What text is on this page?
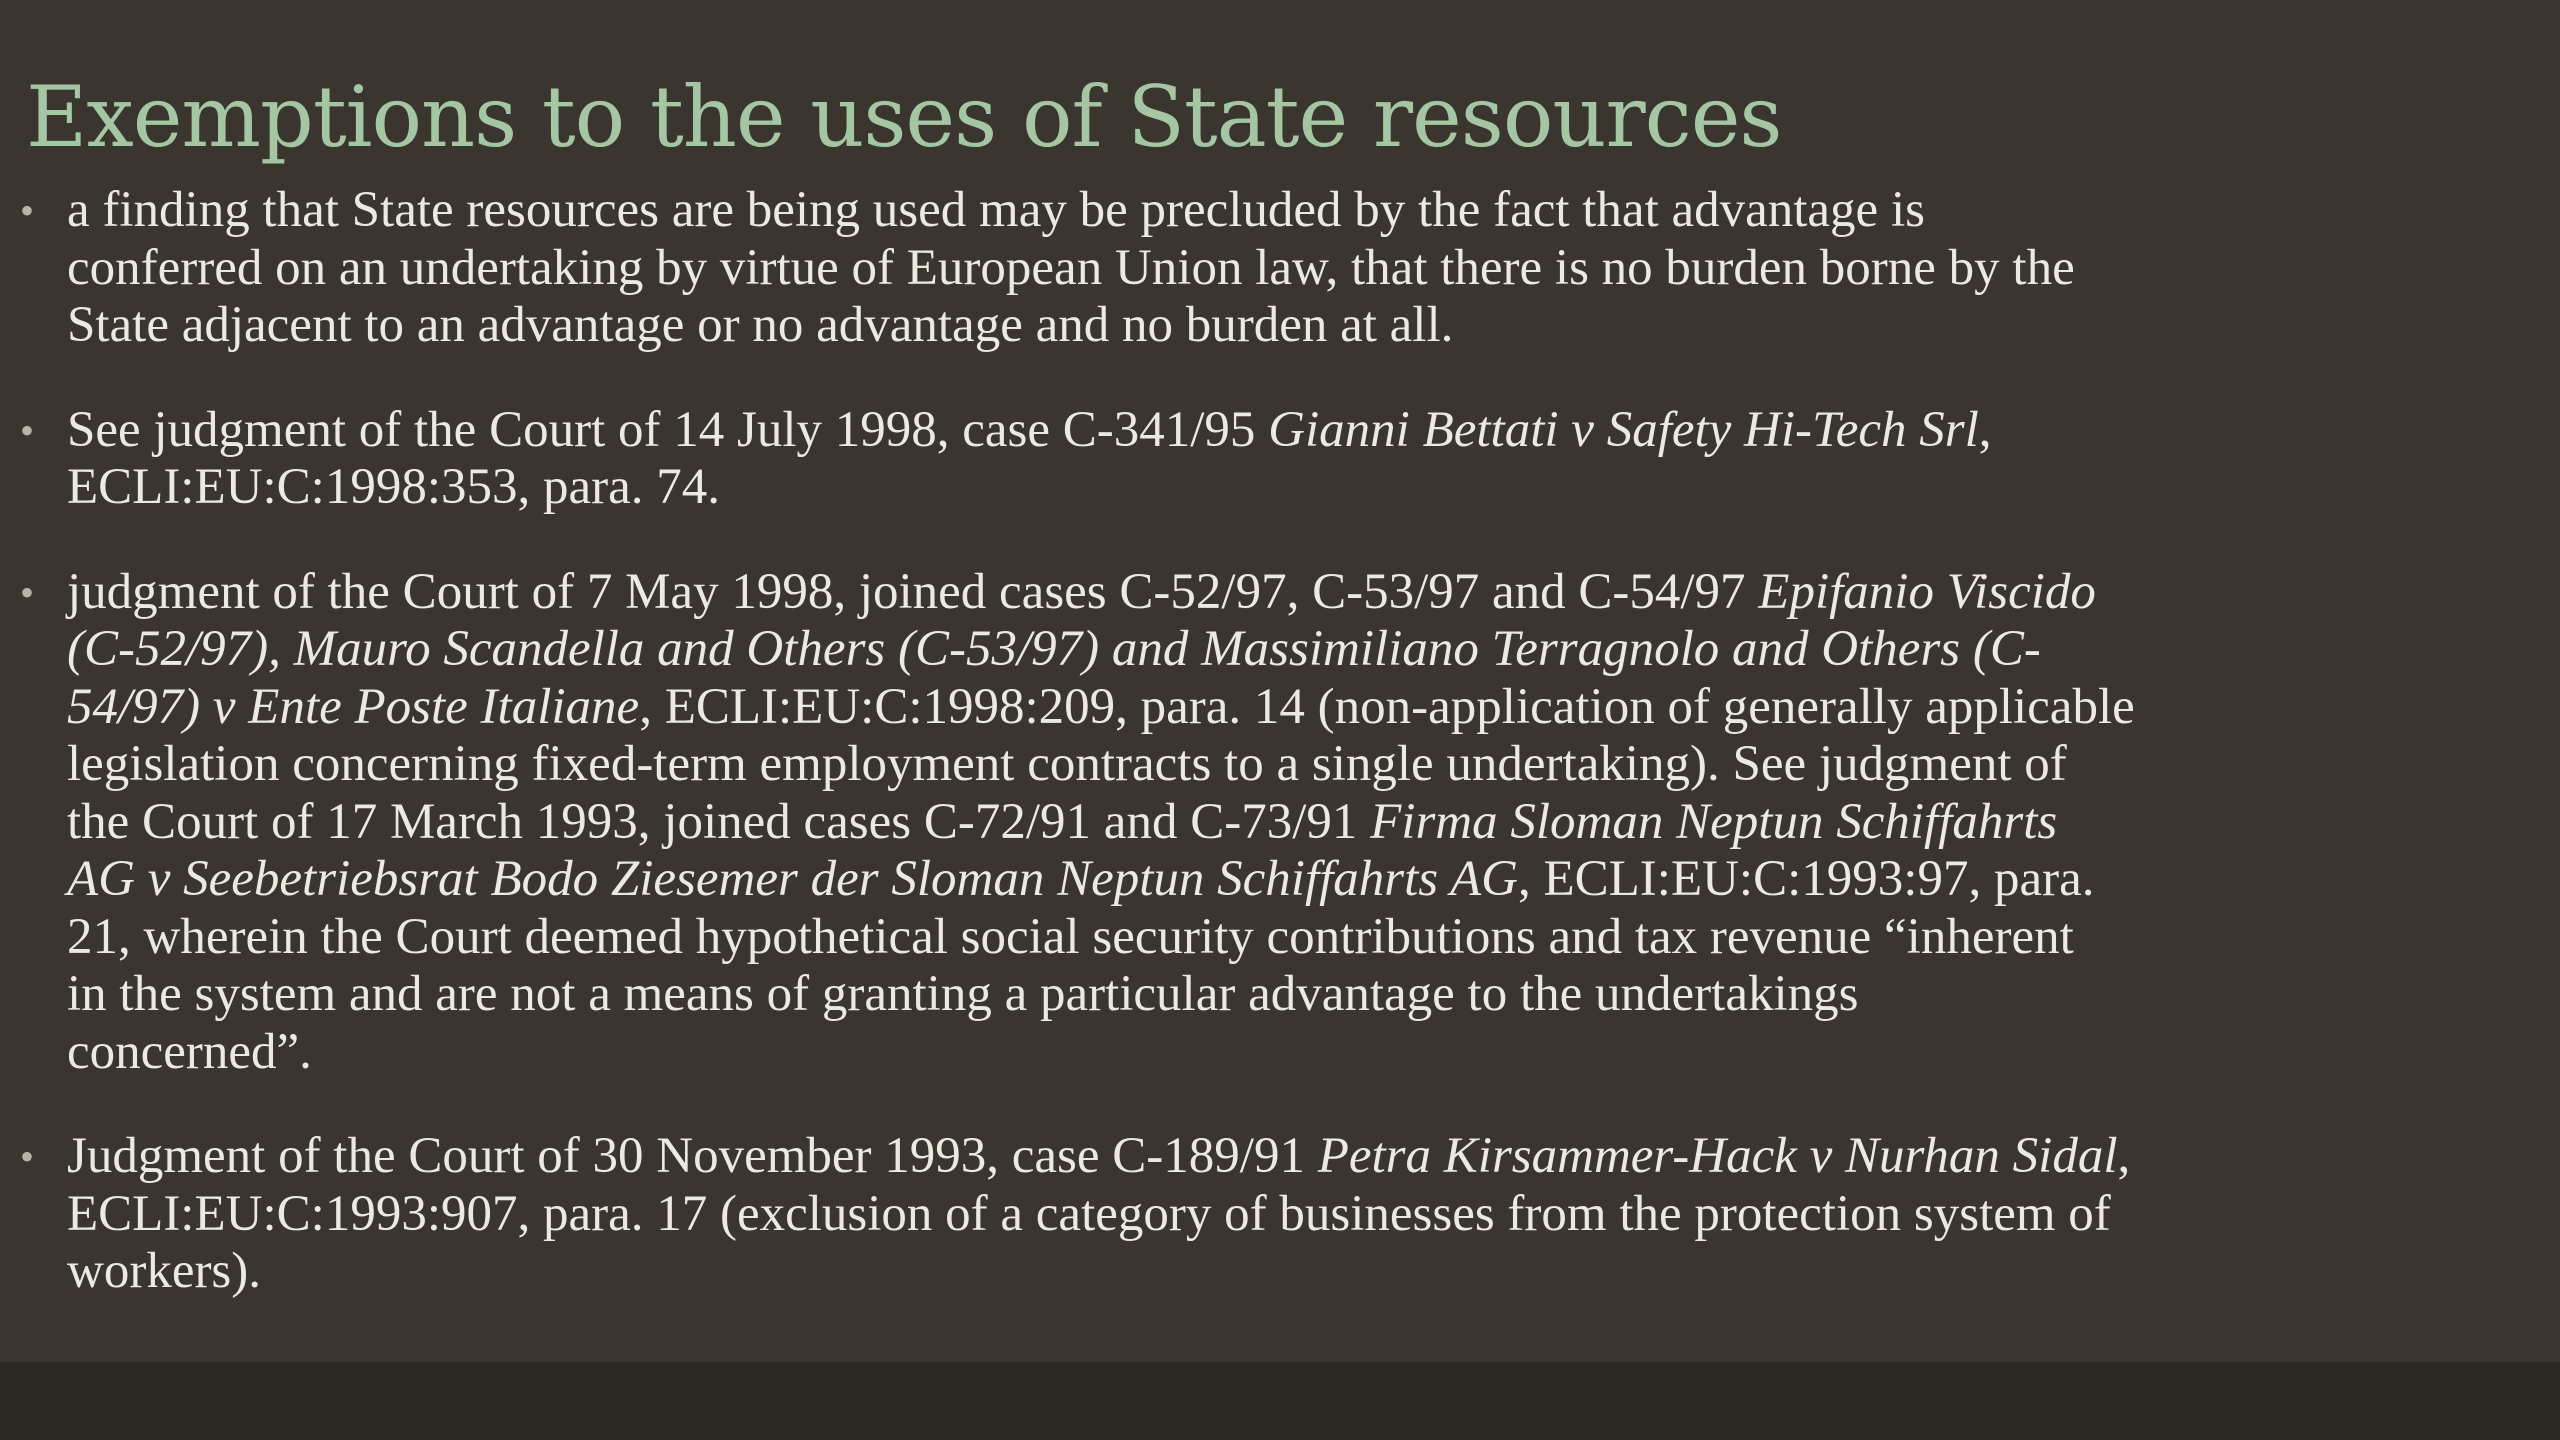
Exemptions to the uses of State resources
• a finding that State resources are being used may be precluded by the fact that advantage is
conferred on an undertaking by virtue of European Union law, that there is no burden borne by the
State adjacent to an advantage or no advantage and no burden at all.
• See judgment of the Court of 14 July 1998, case C-341/95 Gianni Bettati v Safety Hi-Tech Srl,
ECLI:EU:C:1998:353, para. 74.
• judgment of the Court of 7 May 1998, joined cases C-52/97, C-53/97 and C-54/97 Epifanio Viscido
(C-52/97), Mauro Scandella and Others (C-53/97) and Massimiliano Terragnolo and Others (C-
54/97) v Ente Poste Italiane, ECLI:EU:C:1998:209, para. 14 (non-application of generally applicable
legislation concerning fixed-term employment contracts to a single undertaking). See judgment of
the Court of 17 March 1993, joined cases C-72/91 and C-73/91 Firma Sloman Neptun Schiffahrts
AG v Seebetriebsrat Bodo Ziesemer der Sloman Neptun Schiffahrts AG, ECLI:EU:C:1993:97, para.
21, wherein the Court deemed hypothetical social security contributions and tax revenue “inherent
in the system and are not a means of granting a particular advantage to the undertakings
concerned”.
• Judgment of the Court of 30 November 1993, case C-189/91 Petra Kirsammer-Hack v Nurhan Sidal,
ECLI:EU:C:1993:907, para. 17 (exclusion of a category of businesses from the protection system of
workers).
